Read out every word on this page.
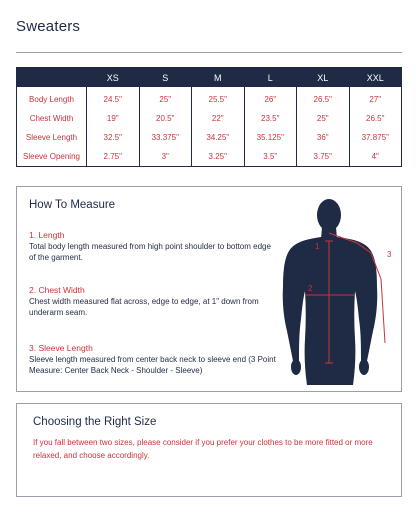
Sweaters
	XS	S	M	L	XL	XXL
Body Length	24.5"	25"	25.5"	26"	26.5"	27"
Chest Width	19"	20.5"	22"	23.5"	25"	26.5"
Sleeve Length	32.5"	33.375"	34.25"	35.125"	36"	37.875"
Sleeve Opening	2.75"	3"	3.25"	3.5"	3.75"	4"
How To Measure
1. Length
Total body length measured from high point shoulder to bottom edge of the garment.
2. Chest Width
Chest width measured flat across, edge to edge, at 1" down from underarm seam.
3. Sleeve Length
Sleeve length measured from center back neck to sleeve end (3 Point Measure: Center Back Neck - Shoulder - Sleeve)
1
2
3
Choosing the Right Size
If you fall between two sizes, please consider if you prefer your clothes to be more fitted or more relaxed, and choose accordingly.
